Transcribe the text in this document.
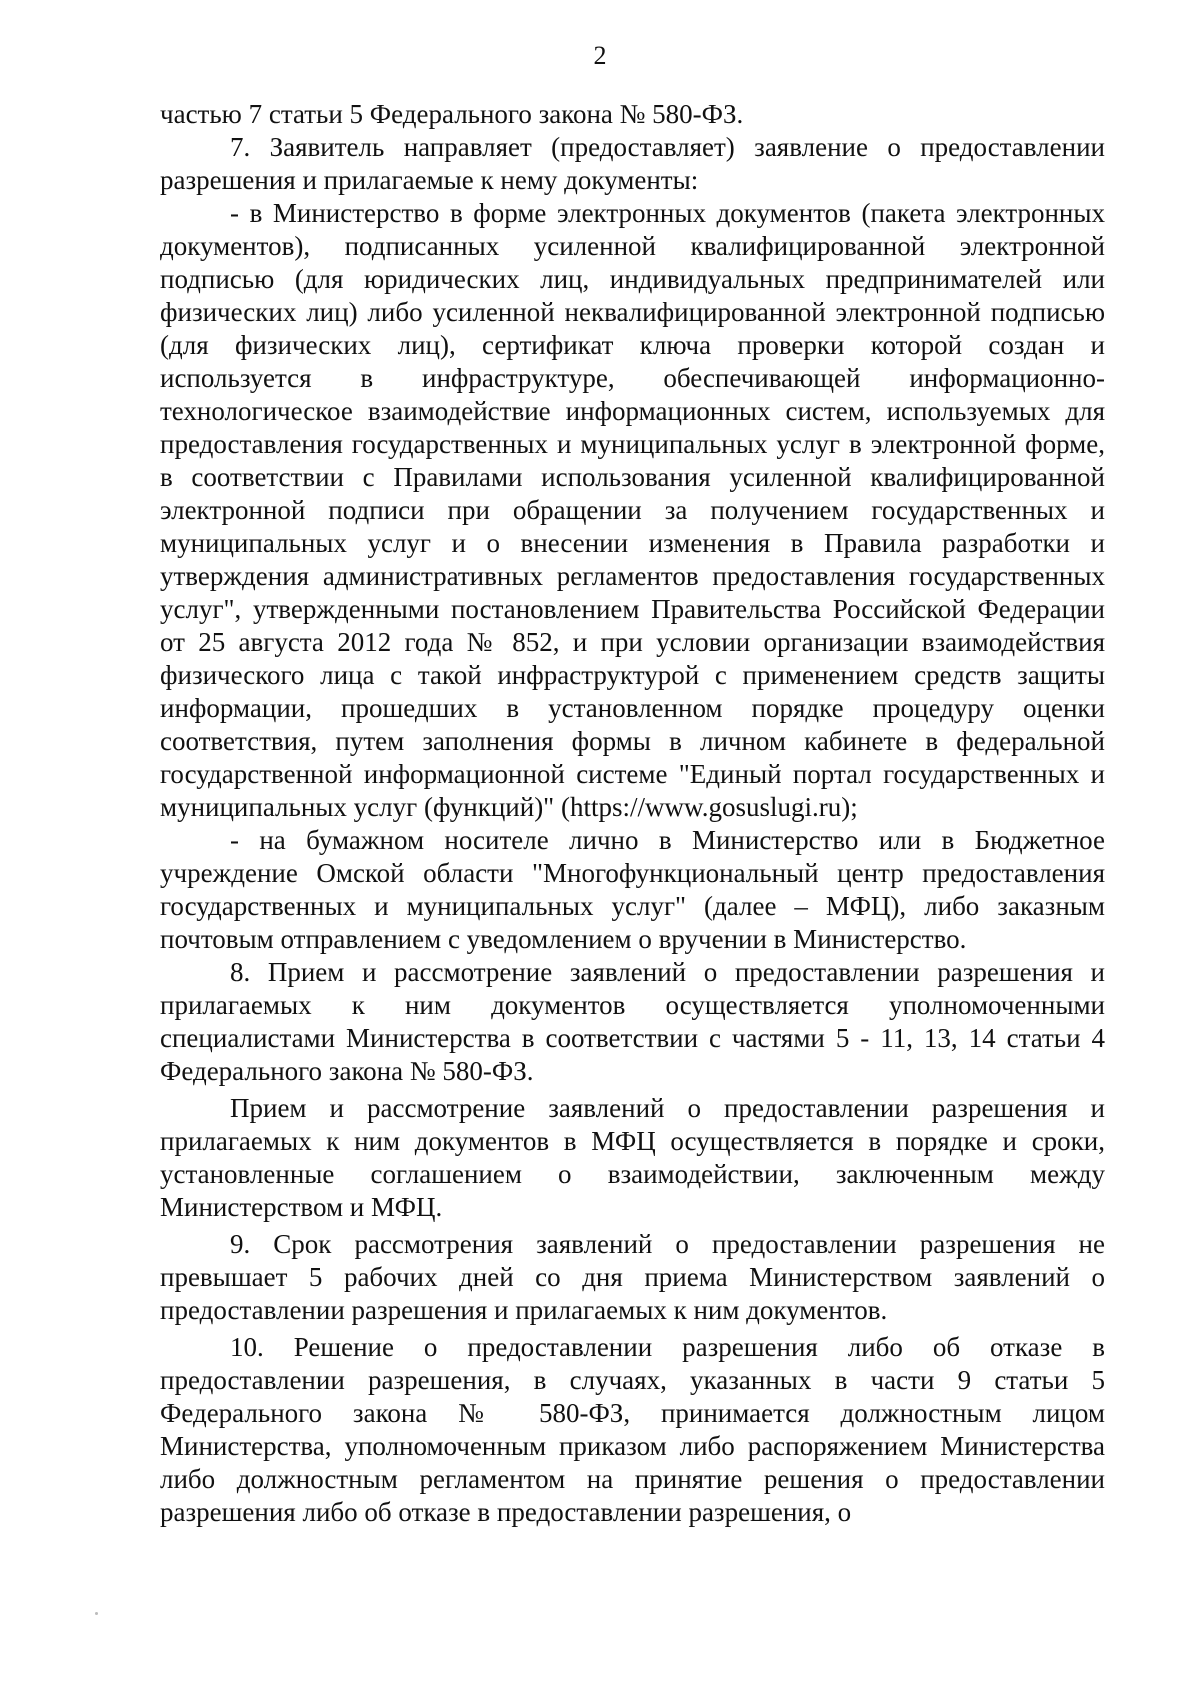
2

частью 7 статьи 5 Федерального закона № 580-ФЗ.

7. Заявитель направляет (предоставляет) заявление о предоставлении разрешения и прилагаемые к нему документы:

- в Министерство в форме электронных документов (пакета электронных документов), подписанных усиленной квалифицированной электронной подписью (для юридических лиц, индивидуальных предпринимателей или физических лиц) либо усиленной неквалифицированной электронной подписью (для физических лиц), сертификат ключа проверки которой создан и используется в инфраструктуре, обеспечивающей информационно-технологическое взаимодействие информационных систем, используемых для предоставления государственных и муниципальных услуг в электронной форме, в соответствии с Правилами использования усиленной квалифицированной электронной подписи при обращении за получением государственных и муниципальных услуг и о внесении изменения в Правила разработки и утверждения административных регламентов предоставления государственных услуг", утвержденными постановлением Правительства Российской Федерации от 25 августа 2012 года № 852, и при условии организации взаимодействия физического лица с такой инфраструктурой с применением средств защиты информации, прошедших в установленном порядке процедуру оценки соответствия, путем заполнения формы в личном кабинете в федеральной государственной информационной системе "Единый портал государственных и муниципальных услуг (функций)" (https://www.gosuslugi.ru);

- на бумажном носителе лично в Министерство или в Бюджетное учреждение Омской области "Многофункциональный центр предоставления государственных и муниципальных услуг" (далее – МФЦ), либо заказным почтовым отправлением с уведомлением о вручении в Министерство.

8. Прием и рассмотрение заявлений о предоставлении разрешения и прилагаемых к ним документов осуществляется уполномоченными специалистами Министерства в соответствии с частями 5 - 11, 13, 14 статьи 4 Федерального закона № 580-ФЗ.

Прием и рассмотрение заявлений о предоставлении разрешения и прилагаемых к ним документов в МФЦ осуществляется в порядке и сроки, установленные соглашением о взаимодействии, заключенным между Министерством и МФЦ.

9. Срок рассмотрения заявлений о предоставлении разрешения не превышает 5 рабочих дней со дня приема Министерством заявлений о предоставлении разрешения и прилагаемых к ним документов.

10. Решение о предоставлении разрешения либо об отказе в предоставлении разрешения, в случаях, указанных в части 9 статьи 5 Федерального закона № 580-ФЗ, принимается должностным лицом Министерства, уполномоченным приказом либо распоряжением Министерства либо должностным регламентом на принятие решения о предоставлении разрешения либо об отказе в предоставлении разрешения, о
